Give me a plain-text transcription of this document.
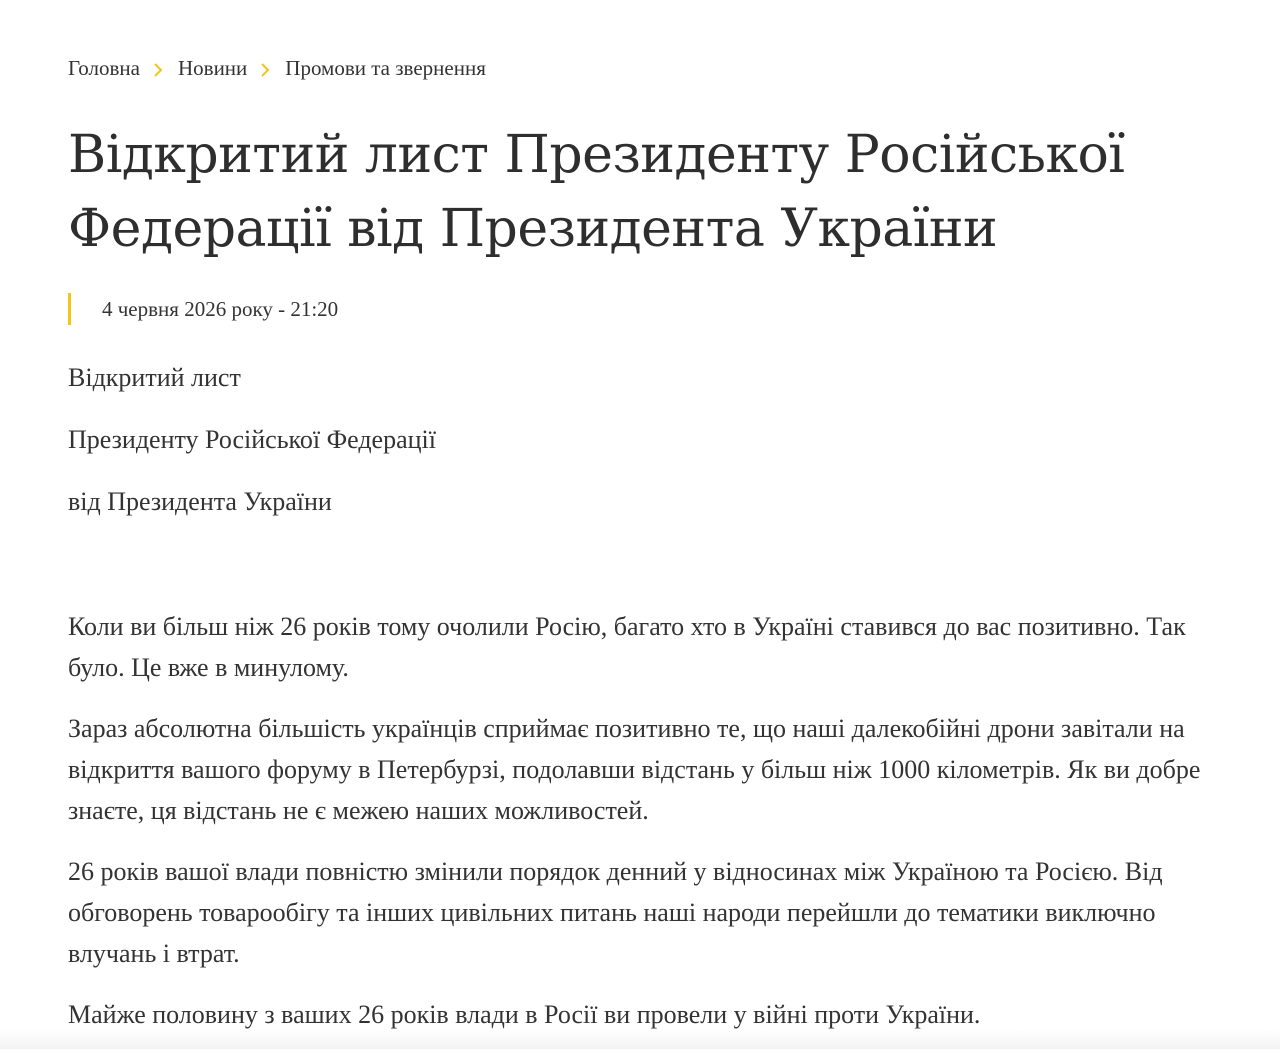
Головна Новини Промови та звернення
Відкритий лист Президенту Російської Федерації від Президента України
4 червня 2026 року - 21:20

Відкритий лист

Президенту Російської Федерації

від Президента України

Коли ви більш ніж 26 років тому очолили Росію, багато хто в Україні ставився до вас позитивно. Так було. Це вже в минулому.

Зараз абсолютна більшість українців сприймає позитивно те, що наші далекобійні дрони завітали на відкриття вашого форуму в Петербурзі, подолавши відстань у більш ніж 1000 кілометрів. Як ви добре знаєте, ця відстань не є межею наших можливостей.

26 років вашої влади повністю змінили порядок денний у відносинах між Україною та Росією. Від обговорень товарообігу та інших цивільних питань наші народи перейшли до тематики виключно влучань і втрат.

Майже половину з ваших 26 років влади в Росії ви провели у війні проти України.
